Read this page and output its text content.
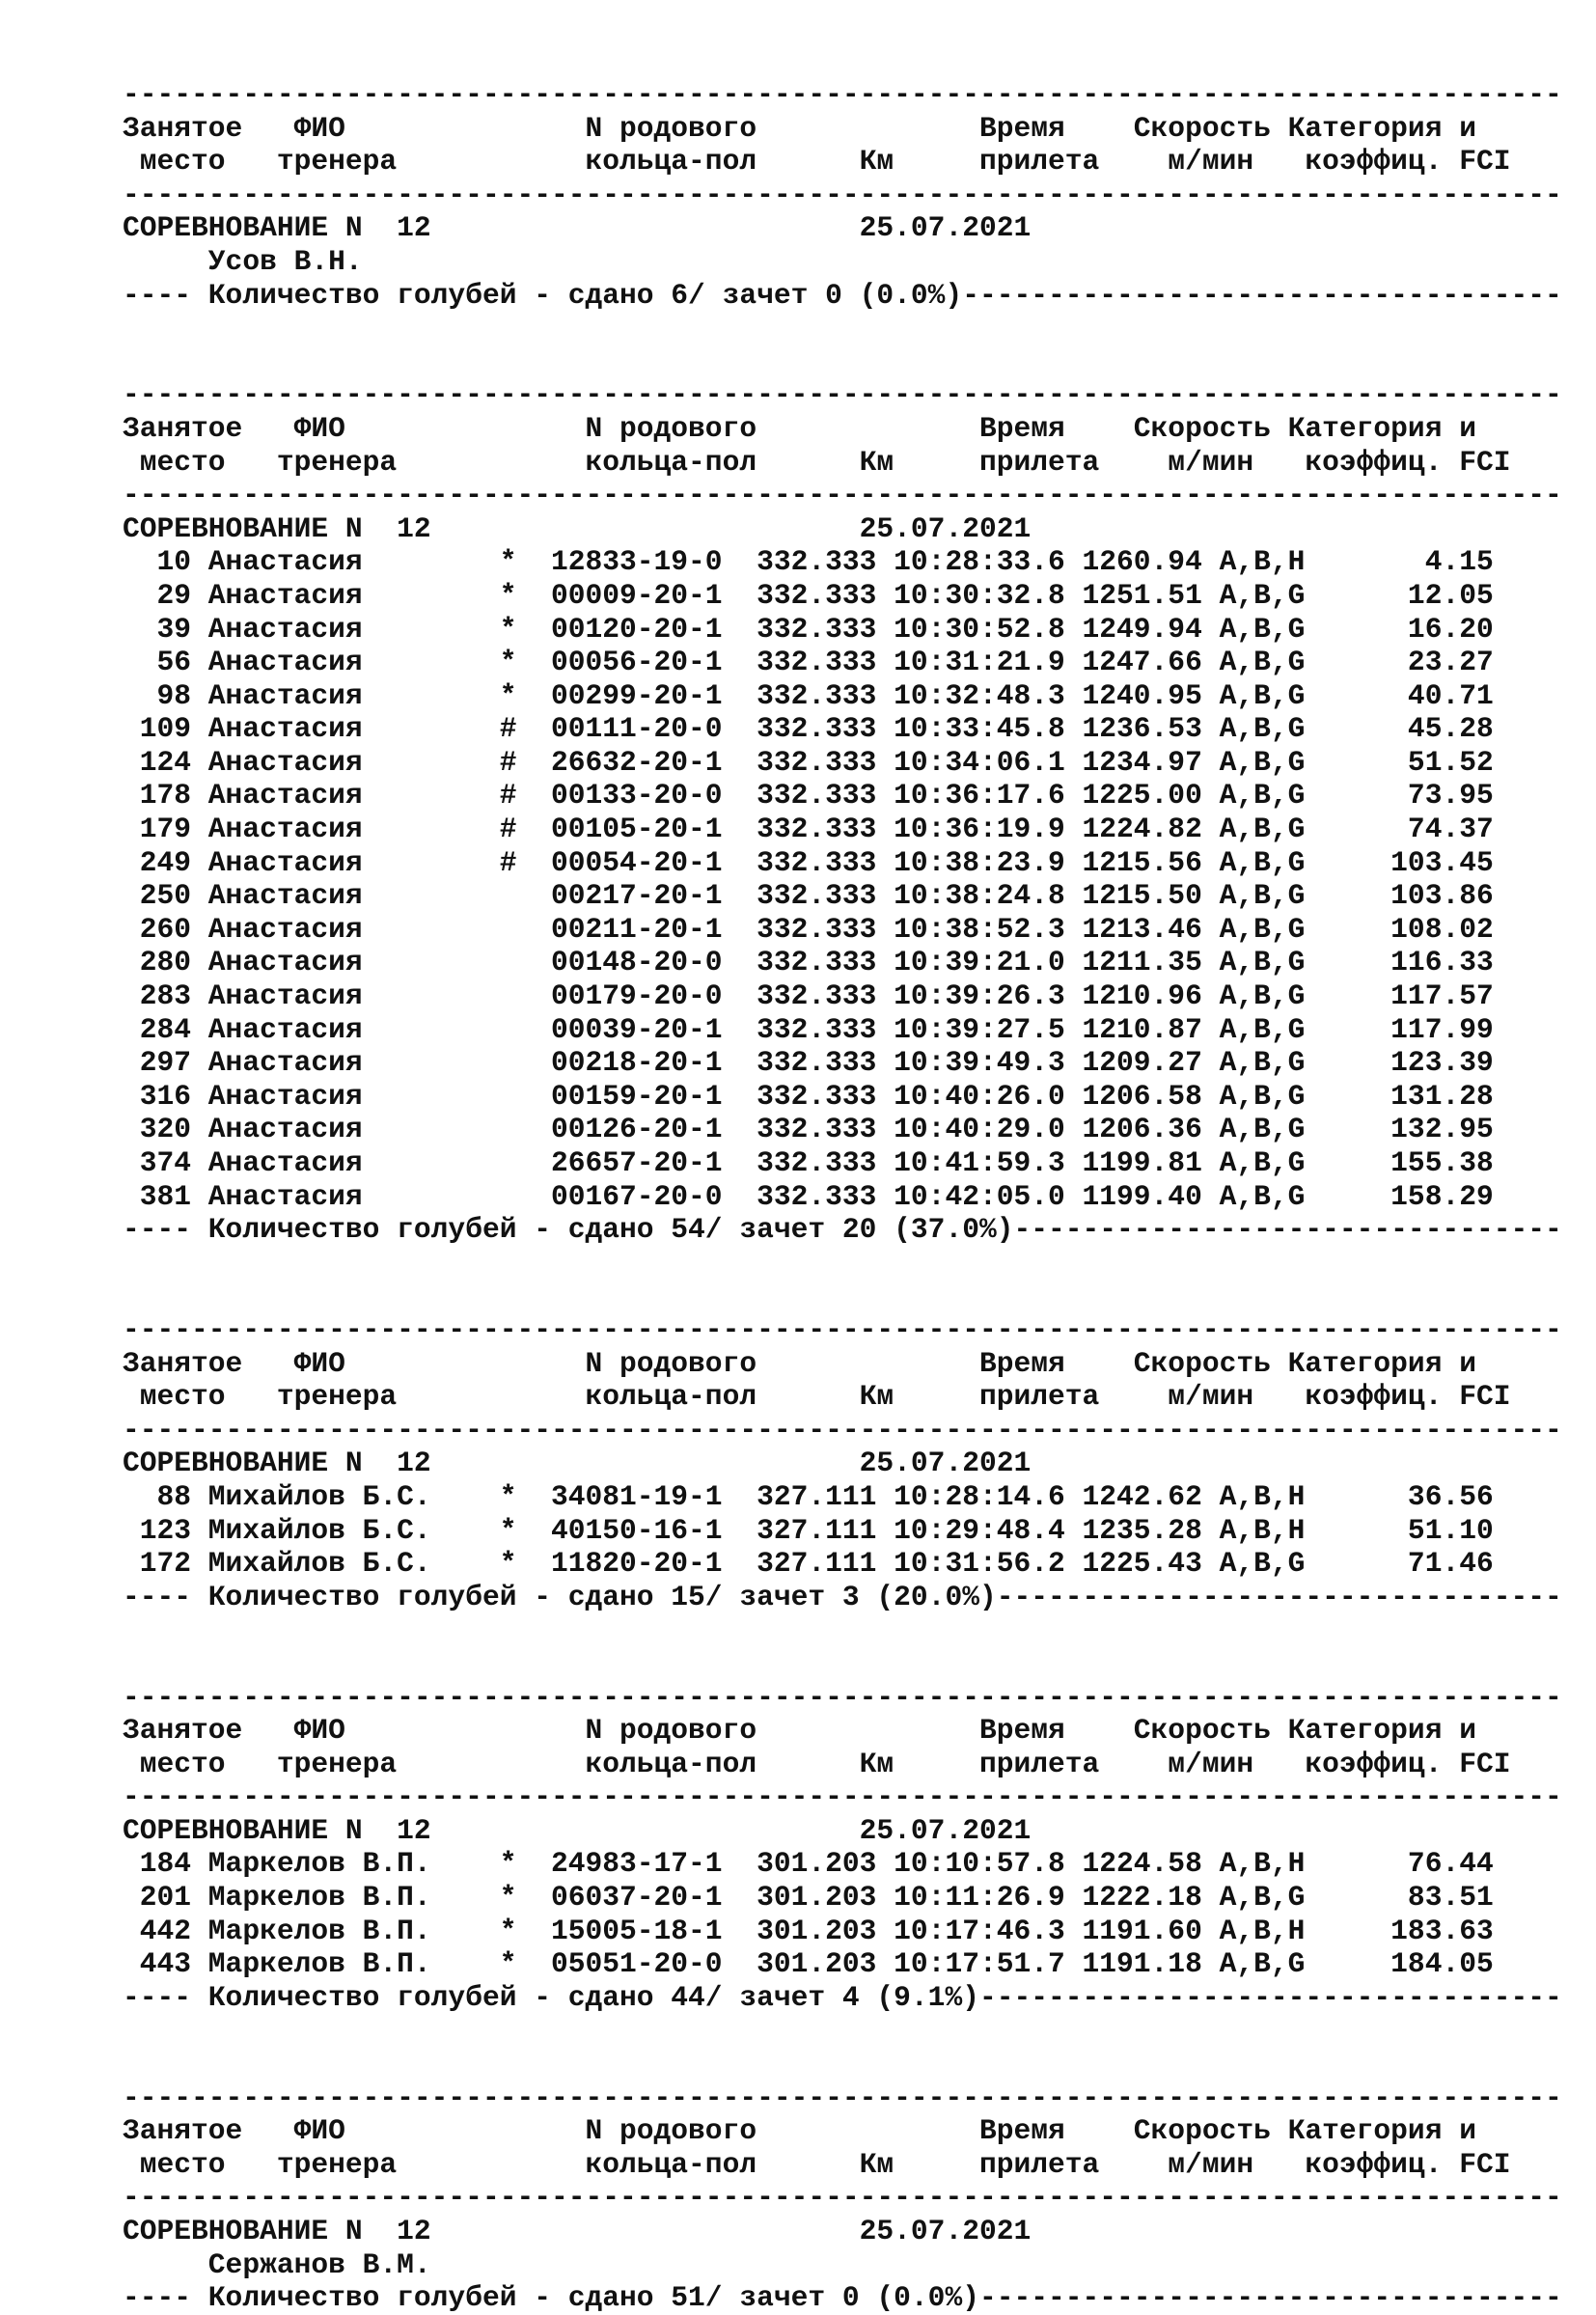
------------------------------------------------------------------------------------
Занятое   ФИО              N родового             Время    Скорость Категория и
место   тренера           кольца-пол      Км     прилета    м/мин   коэффиц. FCI
------------------------------------------------------------------------------------
СОРЕВНОВАНИЕ N  12                         25.07.2021
Усов В.Н.
---- Количество голубей - сдано 6/ зачет 0 (0.0%)-----------------------------------
------------------------------------------------------------------------------------
Занятое   ФИО              N родового             Время    Скорость Категория и
место   тренера           кольца-пол      Км     прилета    м/мин   коэффиц. FCI
------------------------------------------------------------------------------------
СОРЕВНОВАНИЕ N  12                         25.07.2021
10 Анастасия        *  12833-19-0  332.333 10:28:33.6 1260.94 A,B,H       4.15
29 Анастасия        *  00009-20-1  332.333 10:30:32.8 1251.51 A,B,G      12.05
39 Анастасия        *  00120-20-1  332.333 10:30:52.8 1249.94 A,B,G      16.20
56 Анастасия        *  00056-20-1  332.333 10:31:21.9 1247.66 A,B,G      23.27
98 Анастасия        *  00299-20-1  332.333 10:32:48.3 1240.95 A,B,G      40.71
109 Анастасия        #  00111-20-0  332.333 10:33:45.8 1236.53 A,B,G      45.28
124 Анастасия        #  26632-20-1  332.333 10:34:06.1 1234.97 A,B,G      51.52
178 Анастасия        #  00133-20-0  332.333 10:36:17.6 1225.00 A,B,G      73.95
179 Анастасия        #  00105-20-1  332.333 10:36:19.9 1224.82 A,B,G      74.37
249 Анастасия        #  00054-20-1  332.333 10:38:23.9 1215.56 A,B,G     103.45
250 Анастасия           00217-20-1  332.333 10:38:24.8 1215.50 A,B,G     103.86
260 Анастасия           00211-20-1  332.333 10:38:52.3 1213.46 A,B,G     108.02
280 Анастасия           00148-20-0  332.333 10:39:21.0 1211.35 A,B,G     116.33
283 Анастасия           00179-20-0  332.333 10:39:26.3 1210.96 A,B,G     117.57
284 Анастасия           00039-20-1  332.333 10:39:27.5 1210.87 A,B,G     117.99
297 Анастасия           00218-20-1  332.333 10:39:49.3 1209.27 A,B,G     123.39
316 Анастасия           00159-20-1  332.333 10:40:26.0 1206.58 A,B,G     131.28
320 Анастасия           00126-20-1  332.333 10:40:29.0 1206.36 A,B,G     132.95
374 Анастасия           26657-20-1  332.333 10:41:59.3 1199.81 A,B,G     155.38
381 Анастасия           00167-20-0  332.333 10:42:05.0 1199.40 A,B,G     158.29
---- Количество голубей - сдано 54/ зачет 20 (37.0%)--------------------------------
------------------------------------------------------------------------------------
Занятое   ФИО              N родового             Время    Скорость Категория и
место   тренера           кольца-пол      Км     прилета    м/мин   коэффиц. FCI
------------------------------------------------------------------------------------
СОРЕВНОВАНИЕ N  12                         25.07.2021
88 Михайлов Б.С.    *  34081-19-1  327.111 10:28:14.6 1242.62 A,B,H      36.56
123 Михайлов Б.С.    *  40150-16-1  327.111 10:29:48.4 1235.28 A,B,H      51.10
172 Михайлов Б.С.    *  11820-20-1  327.111 10:31:56.2 1225.43 A,B,G      71.46
---- Количество голубей - сдано 15/ зачет 3 (20.0%)---------------------------------
------------------------------------------------------------------------------------
Занятое   ФИО              N родового             Время    Скорость Категория и
место   тренера           кольца-пол      Км     прилета    м/мин   коэффиц. FCI
------------------------------------------------------------------------------------
СОРЕВНОВАНИЕ N  12                         25.07.2021
184 Маркелов В.П.    *  24983-17-1  301.203 10:10:57.8 1224.58 A,B,H      76.44
201 Маркелов В.П.    *  06037-20-1  301.203 10:11:26.9 1222.18 A,B,G      83.51
442 Маркелов В.П.    *  15005-18-1  301.203 10:17:46.3 1191.60 A,B,H     183.63
443 Маркелов В.П.    *  05051-20-0  301.203 10:17:51.7 1191.18 A,B,G     184.05
---- Количество голубей - сдано 44/ зачет 4 (9.1%)----------------------------------
------------------------------------------------------------------------------------
Занятое   ФИО              N родового             Время    Скорость Категория и
место   тренера           кольца-пол      Км     прилета    м/мин   коэффиц. FCI
------------------------------------------------------------------------------------
СОРЕВНОВАНИЕ N  12                         25.07.2021
Сержанов В.М.
---- Количество голубей - сдано 51/ зачет 0 (0.0%)----------------------------------
